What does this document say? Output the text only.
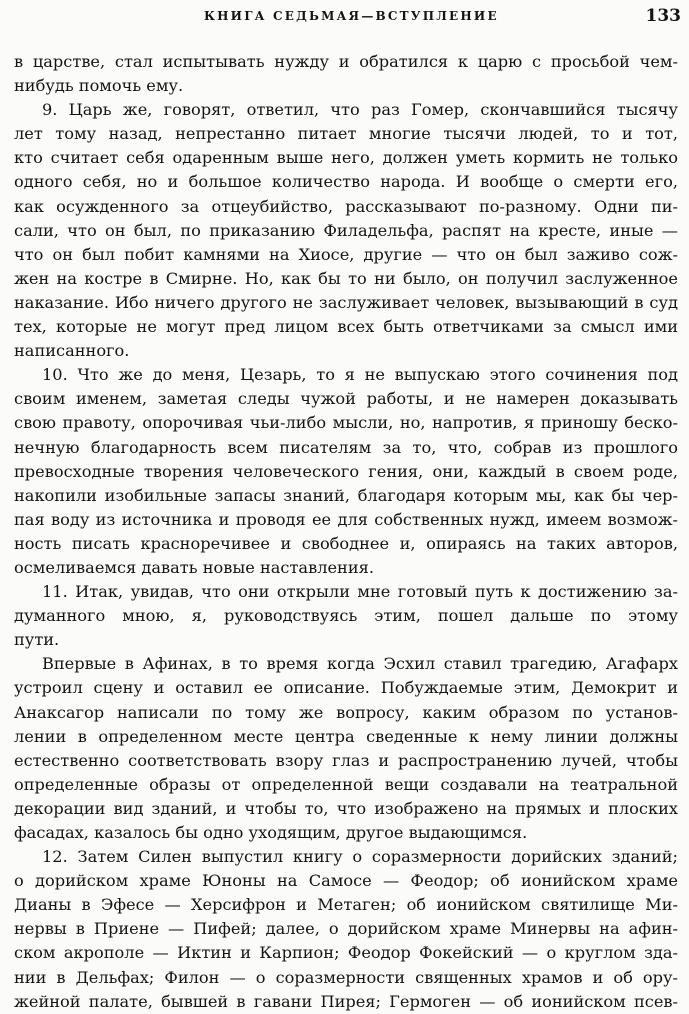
КНИГА СЕДЬМАЯ—ВСТУПЛЕНИЕ	133
в царстве, стал испытывать нужду и обратился к царю с просьбой чем-
нибудь помочь ему.
9. Царь же, говорят, ответил, что раз Гомер, скончавшийся тысячу
лет тому назад, непрестанно питает многие тысячи людей, то и тот,
кто считает себя одаренным выше него, должен уметь кормить не только
одного себя, но и большое количество народа. И вообще о смерти его,
как осужденного за отцеубийство, рассказывают по-разному. Одни пи-
сали, что он был, по приказанию Филадельфа, распят на кресте, иные —
что он был побит камнями на Хиосе, другие — что он был заживо сож-
жен на костре в Смирне. Но, как бы то ни было, он получил заслуженное
наказание. Ибо ничего другого не заслуживает человек, вызывающий в суд
тех, которые не могут пред лицом всех быть ответчиками за смысл ими
написанного.
10. Что же до меня, Цезарь, то я не выпускаю этого сочинения под
своим именем, заметая следы чужой работы, и не намерен доказывать
свою правоту, опорочивая чьи-либо мысли, но, напротив, я приношу беско-
нечную благодарность всем писателям за то, что, собрав из прошлого
превосходные творения человеческого гения, они, каждый в своем роде,
накопили изобильные запасы знаний, благодаря которым мы, как бы чер-
пая воду из источника и проводя ее для собственных нужд, имеем возмож-
ность писать красноречивее и свободнее и, опираясь на таких авторов,
осмеливаемся давать новые наставления.
11. Итак, увидав, что они открыли мне готовый путь к достижению за-
думанного мною, я, руководствуясь этим, пошел дальше по этому
пути.
Впервые в Афинах, в то время когда Эсхил ставил трагедию, Агафарх
устроил сцену и оставил ее описание. Побуждаемые этим, Демокрит и
Анаксагор написали по тому же вопросу, каким образом по установ-
лении в определенном месте центра сведенные к нему линии должны
естественно соответствовать взору глаз и распространению лучей, чтобы
определенные образы от определенной вещи создавали на театральной
декорации вид зданий, и чтобы то, что изображено на прямых и плоских
фасадах, казалось бы одно уходящим, другое выдающимся.
12. Затем Силен выпустил книгу о соразмерности дорийских зданий;
о дорийском храме Юноны на Самосе — Феодор; об ионийском храме
Дианы в Эфесе — Херсифрон и Метаген; об ионийском святилище Ми-
нервы в Приене — Пифей; далее, о дорийском храме Минервы на афин-
ском акрополе — Иктин и Карпион; Феодор Фокейский — о круглом зда-
нии в Дельфах; Филон — о соразмерности священных храмов и об ору-
жейной палате, бывшей в гавани Пирея; Гермоген — об ионийском псев-
